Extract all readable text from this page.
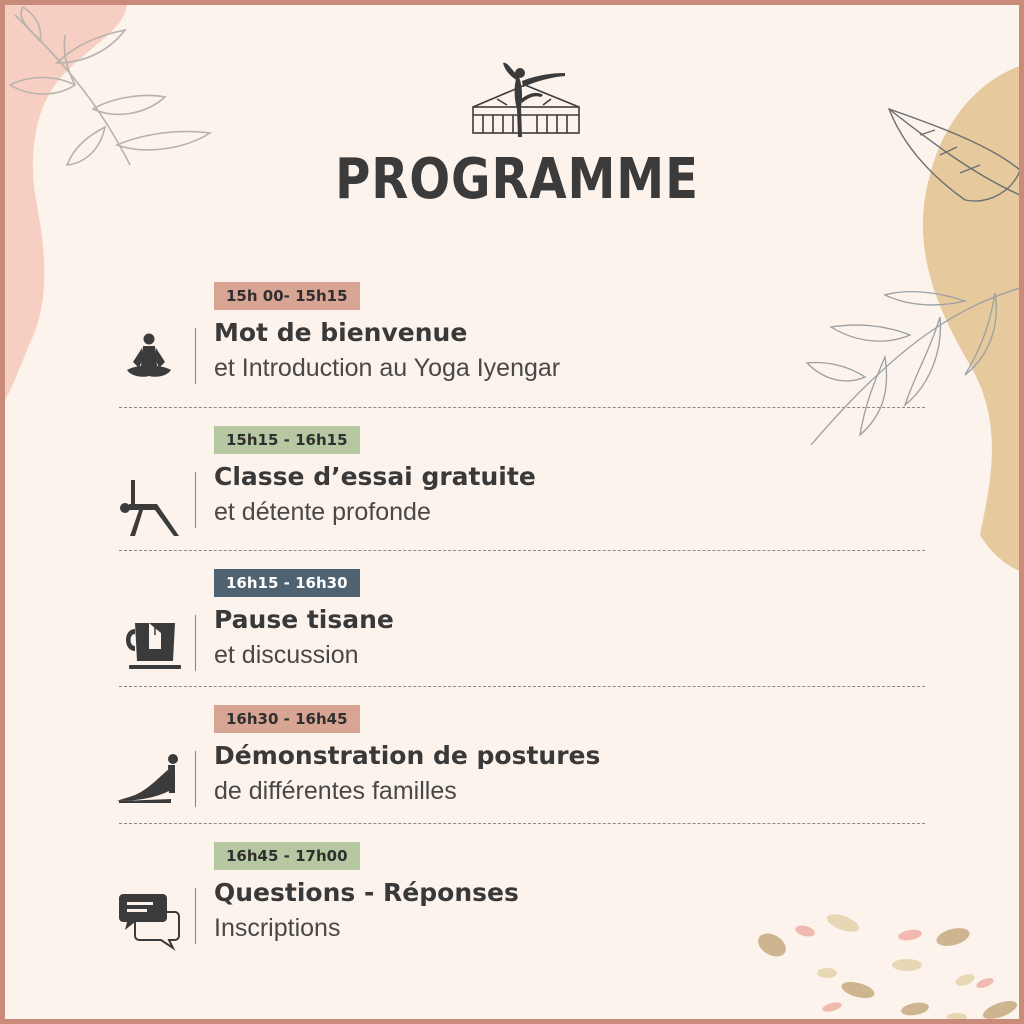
PROGRAMME
15h 00- 15h15
Mot de bienvenue
et Introduction au Yoga Iyengar
15h15 - 16h15
Classe d’essai gratuite
et détente profonde
16h15 - 16h30
Pause tisane
et discussion
16h30 - 16h45
Démonstration de postures
de différentes familles
16h45 - 17h00
Questions - Réponses
Inscriptions
